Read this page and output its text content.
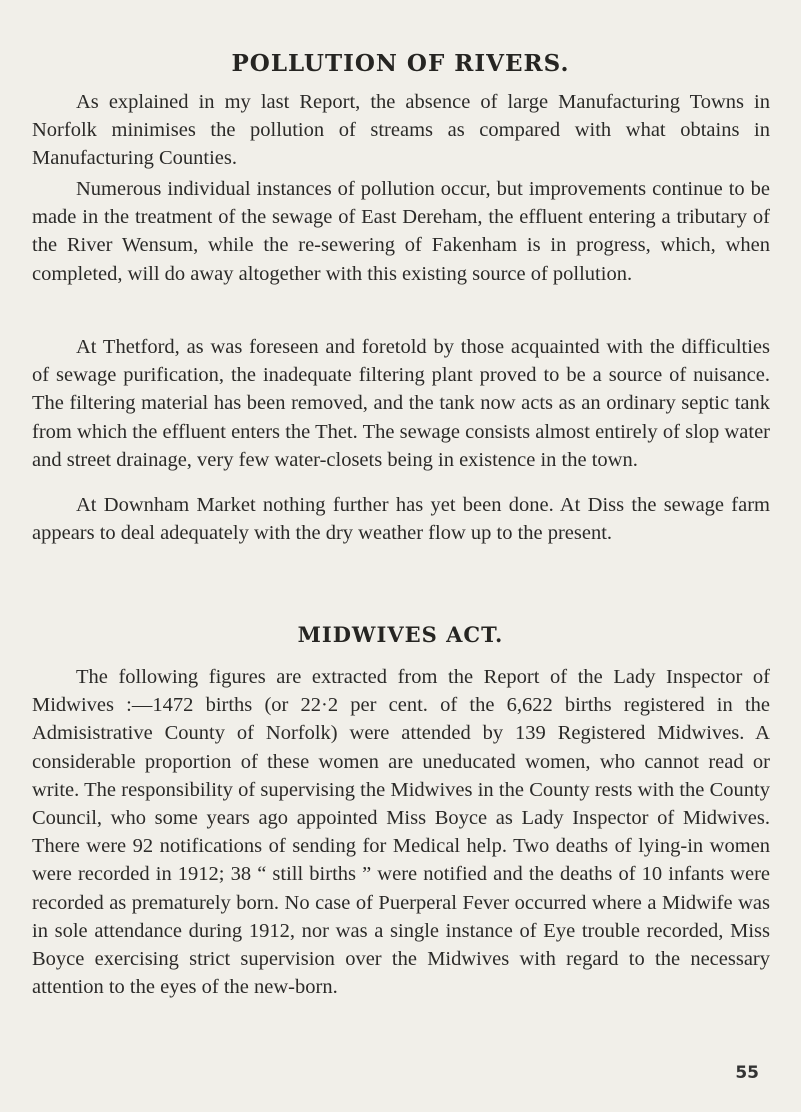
POLLUTION OF RIVERS.

As explained in my last Report, the absence of large Manufacturing Towns in Norfolk minimises the pollution of streams as compared with what obtains in Manufacturing Counties.

Numerous individual instances of pollution occur, but improvements continue to be made in the treatment of the sewage of East Dereham, the effluent entering a tributary of the River Wensum, while the re-sewering of Fakenham is in progress, which, when completed, will do away altogether with this existing source of pollution.

At Thetford, as was foreseen and foretold by those acquainted with the difficulties of sewage purification, the inadequate filtering plant proved to be a source of nuisance. The filtering material has been removed, and the tank now acts as an ordinary septic tank from which the effluent enters the Thet. The sewage consists almost entirely of slop water and street drainage, very few water-closets being in existence in the town.

At Downham Market nothing further has yet been done. At Diss the sewage farm appears to deal adequately with the dry weather flow up to the present.

MIDWIVES ACT.

The following figures are extracted from the Report of the Lady Inspector of Midwives :—1472 births (or 22·2 per cent. of the 6,622 births registered in the Admisistrative County of Norfolk) were attended by 139 Registered Midwives. A considerable proportion of these women are uneducated women, who cannot read or write. The responsibility of supervising the Midwives in the County rests with the County Council, who some years ago appointed Miss Boyce as Lady Inspector of Midwives. There were 92 notifications of sending for Medical help. Two deaths of lying-in women were recorded in 1912; 38 “ still births ” were notified and the deaths of 10 infants were recorded as prematurely born. No case of Puerperal Fever occurred where a Midwife was in sole attendance during 1912, nor was a single instance of Eye trouble recorded, Miss Boyce exercising strict supervision over the Midwives with regard to the necessary attention to the eyes of the new-born.

55
